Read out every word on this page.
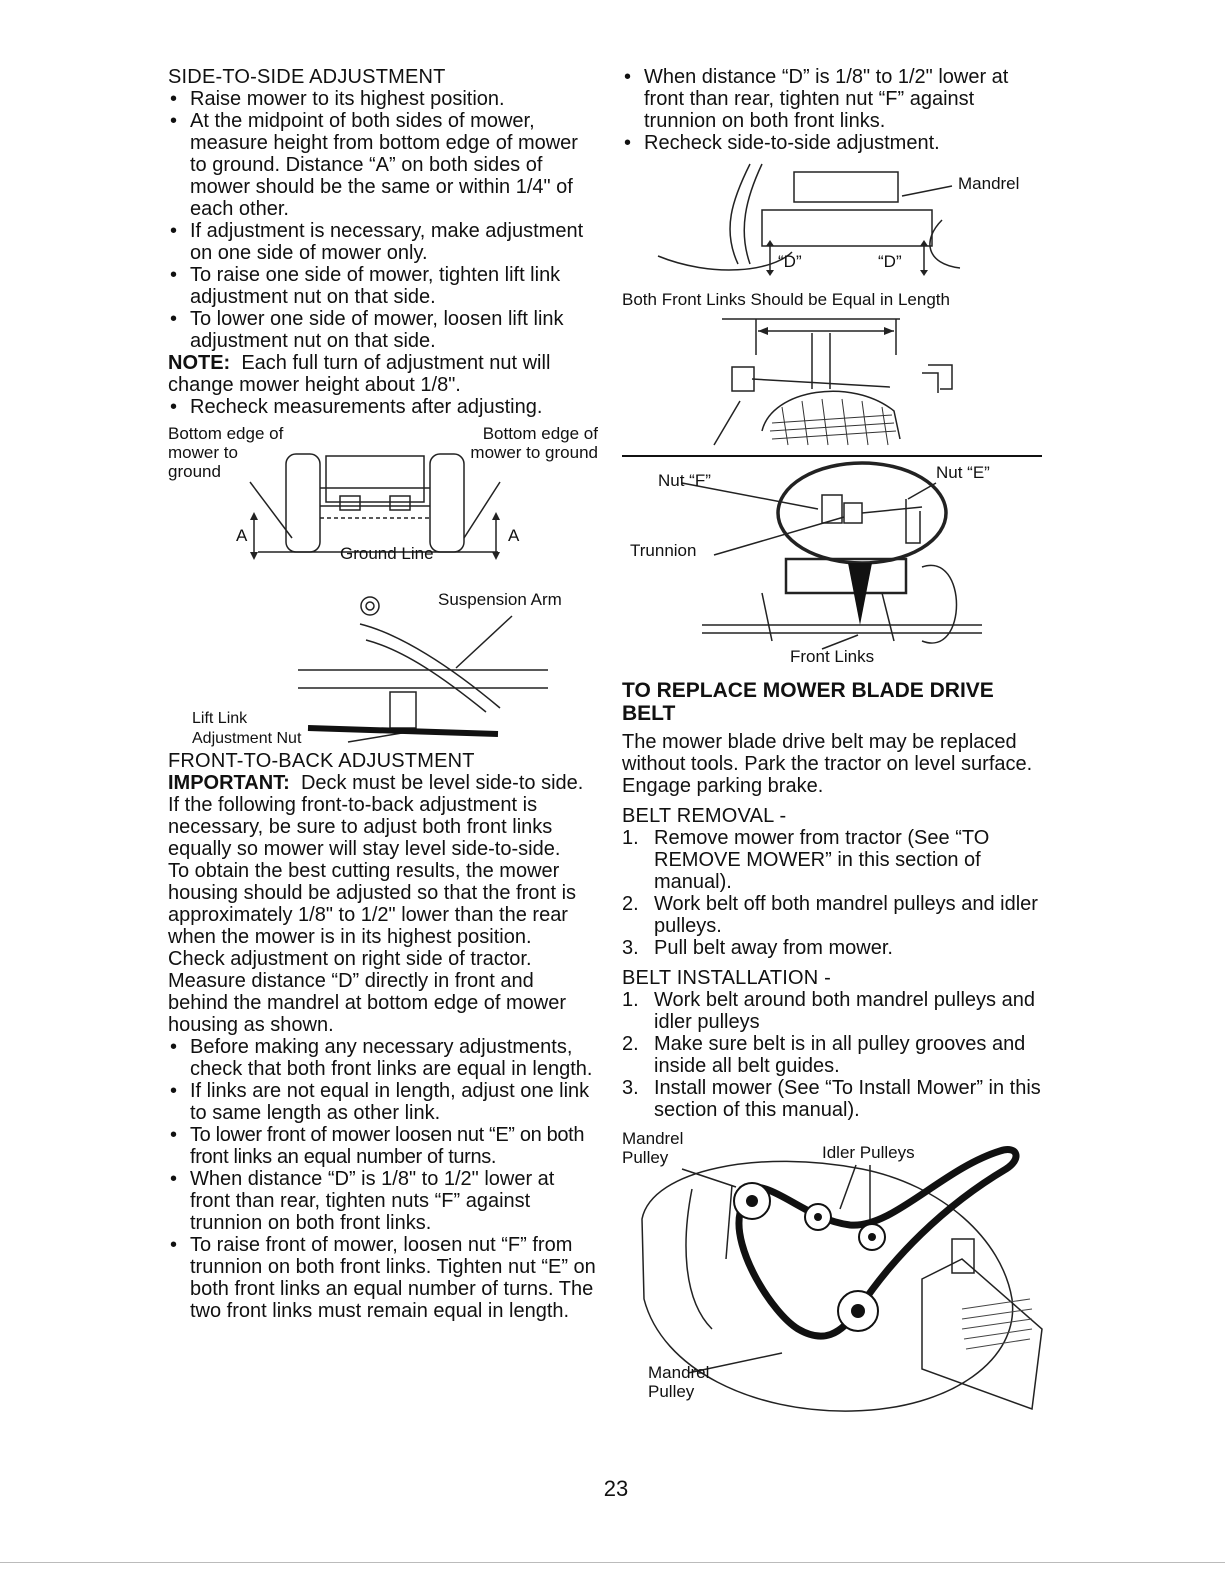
SIDE-TO-SIDE ADJUSTMENT

• Raise mower to its highest position.
• At the midpoint of both sides of mower, measure height from bottom edge of mower to ground. Distance “A” on both sides of mower should be the same or within 1/4" of each other.
• If adjustment is necessary, make adjustment on one side of mower only.
• To raise one side of mower, tighten lift link adjustment nut on that side.
• To lower one side of mower, loosen lift link adjustment nut on that side.

NOTE: Each full turn of adjustment nut will change mower height about 1/8".

• Recheck measurements after adjusting.
Bottom edge of mower to ground
Bottom edge of mower to ground
Ground Line
A	A
Suspension Arm
Lift Link
Adjustment Nut

FRONT-TO-BACK ADJUSTMENT

IMPORTANT: Deck must be level side-to side. If the following front-to-back adjustment is necessary, be sure to adjust both front links equally so mower will stay level side-to-side.

To obtain the best cutting results, the mower housing should be adjusted so that the front is approximately 1/8" to 1/2" lower than the rear when the mower is in its highest position.

Check adjustment on right side of tractor. Measure distance “D” directly in front and behind the mandrel at bottom edge of mower housing as shown.

• Before making any necessary adjustments, check that both front links are equal in length.
• If links are not equal in length, adjust one link to same length as other link.
• To lower front of mower loosen nut “E” on both front links an equal number of turns.
• When distance “D” is 1/8" to 1/2" lower at front than rear, tighten nuts “F” against trunnion on both front links.
• To raise front of mower, loosen nut “F” from trunnion on both front links. Tighten nut “E” on both front links an equal number of turns. The two front links must remain equal in length.
• When distance “D” is 1/8" to 1/2" lower at front than rear, tighten nut “F” against trunnion on both front links.
• Recheck side-to-side adjustment.
Mandrel
“D”	“D”

Both Front Links Should be Equal in Length

Nut “F”	Nut “E”
Trunnion
Front Links

TO REPLACE MOWER BLADE DRIVE BELT

The mower blade drive belt may be replaced without tools. Park the tractor on level surface. Engage parking brake.

BELT REMOVAL -

1. Remove mower from tractor (See “TO REMOVE MOWER” in this section of manual).
2. Work belt off both mandrel pulleys and idler pulleys.
3. Pull belt away from mower.

BELT INSTALLATION -

1. Work belt around both mandrel pulleys and idler pulleys
2. Make sure belt is in all pulley grooves and inside all belt guides.
3. Install mower (See “To Install Mower” in this section of this manual).
Mandrel Pulley	Idler Pulleys
Mandrel Pulley
23
